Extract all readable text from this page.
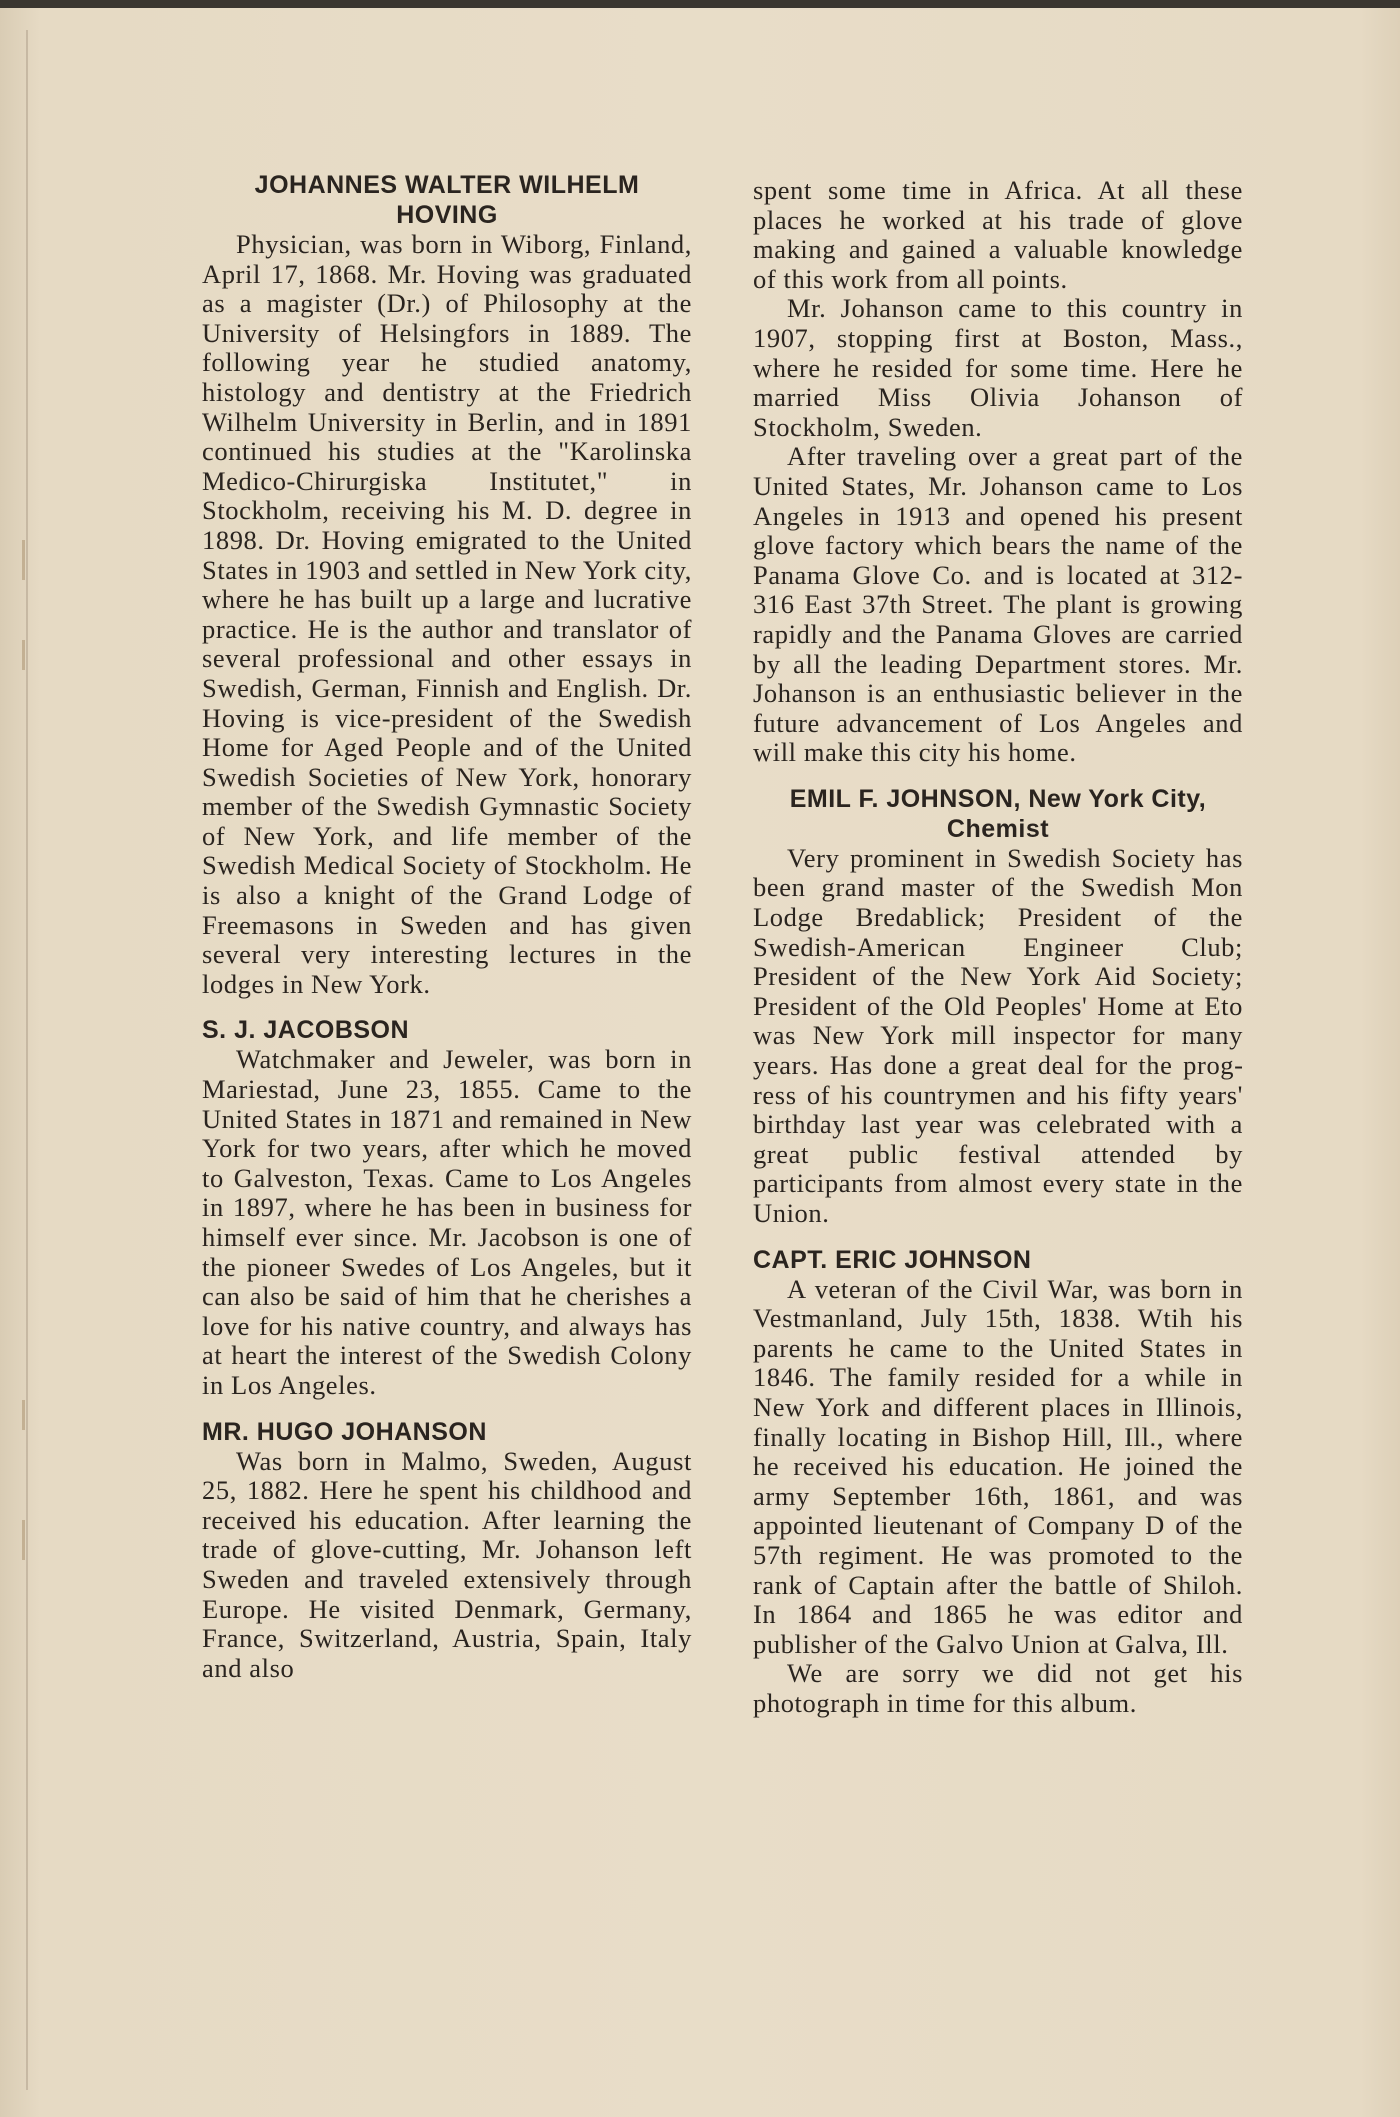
JOHANNES WALTER WILHELM HOVING

Physician, was born in Wiborg, Finland, April 17, 1868. Mr. Hoving was graduated as a magister (Dr.) of Philosophy at the University of Helsingfors in 1889. The following year he studied anatomy, histology and dentistry at the Friedrich Wilhelm University in Berlin, and in 1891 continued his studies at the "Karolinska Medico-Chirurgiska Institutet," in Stockholm, receiving his M. D. degree in 1898. Dr. Hoving emigrated to the United States in 1903 and settled in New York city, where he has built up a large and lucrative practice. He is the author and translator of several professional and other essays in Swedish, German, Finnish and English. Dr. Hoving is vice-president of the Swedish Home for Aged People and of the United Swedish Societies of New York, honorary member of the Swedish Gymnastic Society of New York, and life member of the Swedish Medical Society of Stockholm. He is also a knight of the Grand Lodge of Freemasons in Sweden and has given several very interesting lectures in the lodges in New York.

S. J. JACOBSON

Watchmaker and Jeweler, was born in Mariestad, June 23, 1855. Came to the United States in 1871 and remained in New York for two years, after which he moved to Galveston, Texas. Came to Los Angeles in 1897, where he has been in business for himself ever since. Mr. Jacobson is one of the pioneer Swedes of Los Angeles, but it can also be said of him that he cherishes a love for his native country, and always has at heart the interest of the Swedish Colony in Los Angeles.

MR. HUGO JOHANSON

Was born in Malmo, Sweden, August 25, 1882. Here he spent his childhood and received his education. After learning the trade of glove-cutting, Mr. Johanson left Sweden and traveled extensively through Europe. He visited Denmark, Germany, France, Switzerland, Austria, Spain, Italy and also

spent some time in Africa. At all these places he worked at his trade of glove making and gained a valuable knowledge of this work from all points.

Mr. Johanson came to this country in 1907, stopping first at Boston, Mass., where he resided for some time. Here he married Miss Olivia Johanson of Stockholm, Sweden.

After traveling over a great part of the United States, Mr. Johanson came to Los Angeles in 1913 and opened his present glove factory which bears the name of the Panama Glove Co. and is located at 312-316 East 37th Street. The plant is growing rapidly and the Panama Gloves are carried by all the leading Department stores. Mr. Johanson is an enthusiastic believer in the future advancement of Los Angeles and will make this city his home.

EMIL F. JOHNSON, New York City, Chemist

Very prominent in Swedish Society has been grand master of the Swedish Mon Lodge Bredablick; President of the Swedish-American Engineer Club; President of the New York Aid Society; President of the Old Peoples' Home at Eto was New York mill inspector for many years. Has done a great deal for the progress of his countrymen and his fifty years' birthday last year was celebrated with a great public festival attended by participants from almost every state in the Union.

CAPT. ERIC JOHNSON

A veteran of the Civil War, was born in Vestmanland, July 15th, 1838. Wtih his parents he came to the United States in 1846. The family resided for a while in New York and different places in Illinois, finally locating in Bishop Hill, Ill., where he received his education. He joined the army September 16th, 1861, and was appointed lieutenant of Company D of the 57th regiment. He was promoted to the rank of Captain after the battle of Shiloh. In 1864 and 1865 he was editor and publisher of the Galvo Union at Galva, Ill.

We are sorry we did not get his photograph in time for this album.
